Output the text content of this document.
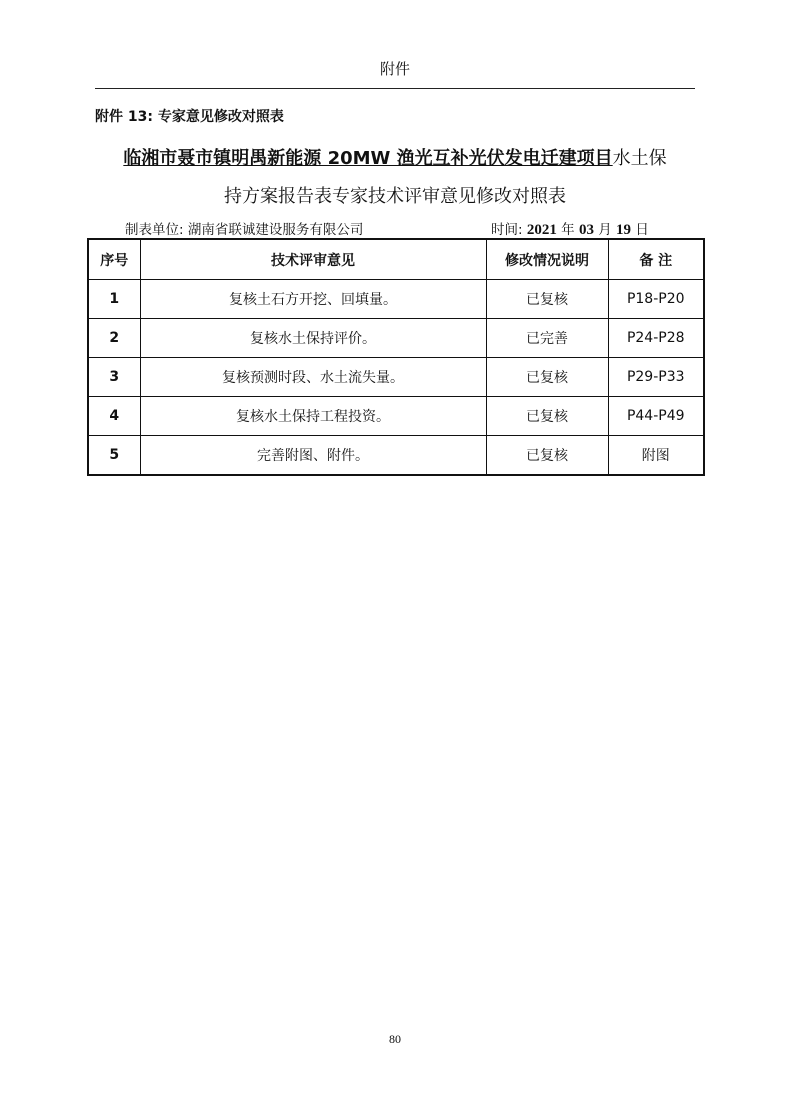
附件
附件 13: 专家意见修改对照表
临湘市聂市镇明禺新能源 20MW 渔光互补光伏发电迁建项目水土保
持方案报告表专家技术评审意见修改对照表
制表单位: 湖南省联诚建设服务有限公司	时间: 2021 年 03 月 19 日
序号	技术评审意见	修改情况说明	备 注
1	复核土石方开挖、回填量。	已复核	P18-P20
2	复核水土保持评价。	已完善	P24-P28
3	复核预测时段、水土流失量。	已复核	P29-P33
4	复核水土保持工程投资。	已复核	P44-P49
5	完善附图、附件。	已复核	附图
80
